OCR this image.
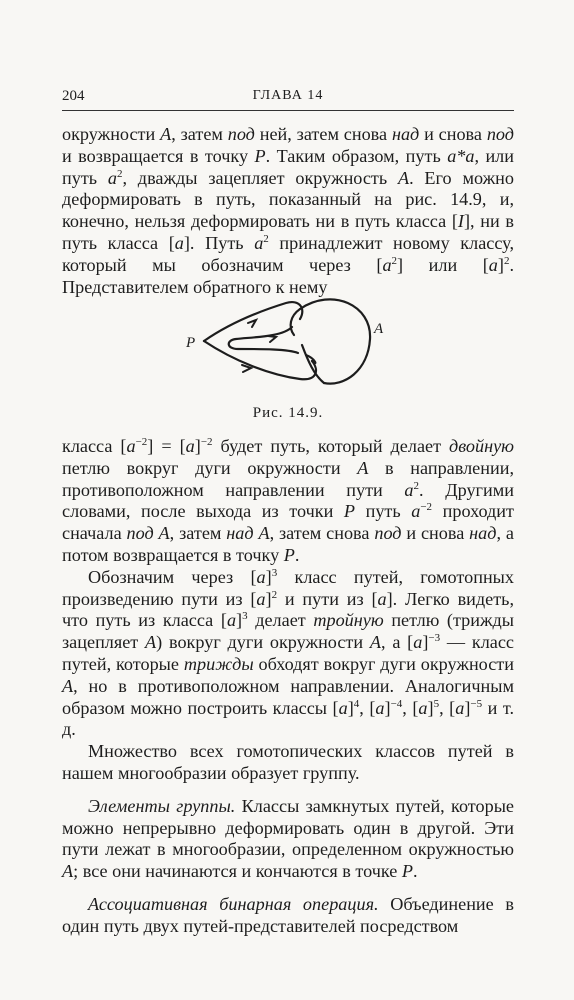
204	ГЛАВА 14

окружности A, затем под ней, затем снова над и снова под и возвращается в точку P. Таким образом, путь a*a, или путь $a^2$, дважды зацепляет окружность A. Его можно деформировать в путь, показанный на рис. 14.9, и, конечно, нельзя деформировать ни в путь класса [I], ни в путь класса [a]. Путь $a^2$ принадлежит новому классу, который мы обозначим через $[a^2]$ или $[a]^2$. Представителем обратного к нему

P
A
Рис. 14.9.

класса $[a^{-2}] = [a]^{-2}$ будет путь, который делает двойную петлю вокруг дуги окружности A в направлении, противоположном направлении пути $a^2$. Другими словами, после выхода из точки P путь $a^{-2}$ проходит сначала под A, затем над A, затем снова под и снова над, а потом возвращается в точку P.

Обозначим через $[a]^3$ класс путей, гомотопных произведению пути из $[a]^2$ и пути из [a]. Легко видеть, что путь из класса $[a]^3$ делает тройную петлю (трижды зацепляет A) вокруг дуги окружности A, а $[a]^{-3}$ — класс путей, которые трижды обходят вокруг дуги окружности A, но в противоположном направлении. Аналогичным образом можно построить классы $[a]^4$, $[a]^{-4}$, $[a]^5$, $[a]^{-5}$ и т. д.

Множество всех гомотопических классов путей в нашем многообразии образует группу.

Элементы группы. Классы замкнутых путей, которые можно непрерывно деформировать один в другой. Эти пути лежат в многообразии, определенном окружностью A; все они начинаются и кончаются в точке P.

Ассоциативная бинарная операция. Объединение в один путь двух путей-представителей посредством
